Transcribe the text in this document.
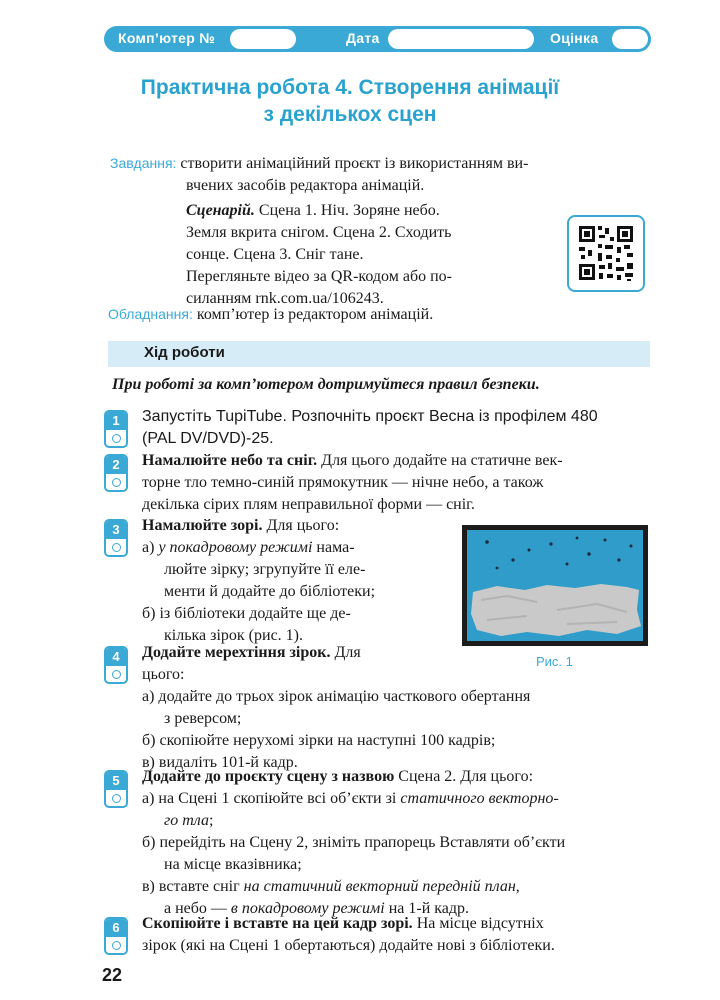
Комп’ютер №	Дата	Оцінка
Практична робота 4. Створення анімації
з декількох сцен
Завдання: створити анімаційний проєкт із використанням ви-
вчених засобів редактора анімацій.
Сценарій. Сцена 1. Ніч. Зоряне небо.
Земля вкрита снігом. Сцена 2. Сходить
сонце. Сцена 3. Сніг тане.
Перегляньте відео за QR-кодом або по-
силанням rnk.com.ua/106243.
Обладнання: комп’ютер із редактором анімацій.
Хід роботи
При роботі за комп’ютером дотримуйтеся правил безпеки.
1	Запустіть TupiTube. Розпочніть проєкт Весна із профілем 480
(PAL DV/DVD)-25.
2	Намалюйте небо та сніг. Для цього додайте на статичне век-
торне тло темно-синій прямокутник — нічне небо, а також
декілька сірих плям неправильної форми — сніг.
3	Намалюйте зорі. Для цього:
а) у покадровому режимі нама-
люйте зірку; згрупуйте її еле-
менти й додайте до бібліотеки;
б) із бібліотеки додайте ще де-
кілька зірок (рис. 1).
Рис. 1
4	Додайте мерехтіння зірок. Для
цього:
а) додайте до трьох зірок анімацію часткового обертання
з реверсом;
б) скопіюйте нерухомі зірки на наступні 100 кадрів;
в) видаліть 101-й кадр.
5	Додайте до проєкту сцену з назвою Сцена 2. Для цього:
а) на Сцені 1 скопіюйте всі об’єкти зі статичного векторно-
го тла;
б) перейдіть на Сцену 2, зніміть прапорець Вставляти об’єкти
на місце вказівника;
в) вставте сніг на статичний векторний передній план,
а небо — в покадровому режимі на 1-й кадр.
6	Скопіюйте і вставте на цей кадр зорі. На місце відсутніх
зірок (які на Сцені 1 обертаються) додайте нові з бібліотеки.
22
